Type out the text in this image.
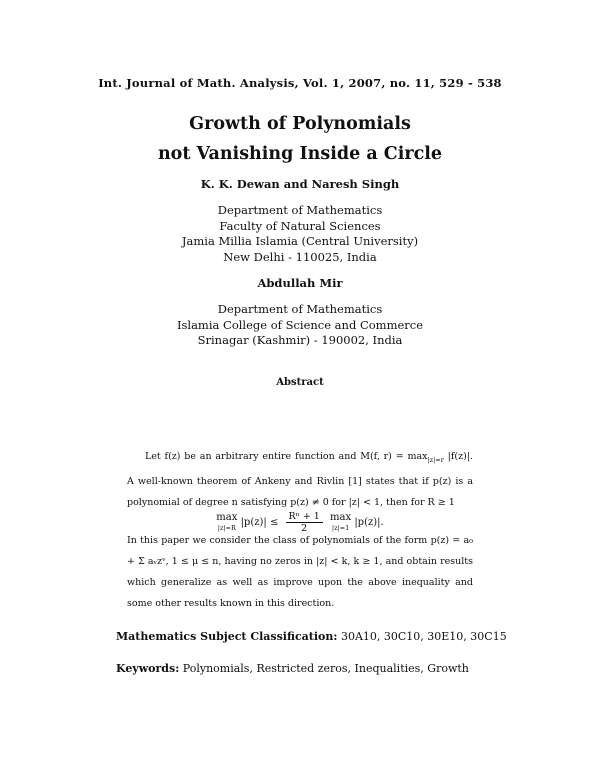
Int. Journal of Math. Analysis, Vol. 1, 2007, no. 11, 529 - 538
Growth of Polynomials
not Vanishing Inside a Circle
K. K. Dewan and Naresh Singh
Department of Mathematics
Faculty of Natural Sciences
Jamia Millia Islamia (Central University)
New Delhi - 110025, India
Abdullah Mir
Department of Mathematics
Islamia College of Science and Commerce
Srinagar (Kashmir) - 190002, India
Abstract
Let f(z) be an arbitrary entire function and M(f, $r) = \max_{|z|=r} |f(z)|$. A well-known theorem of Ankeny and Rivlin [1] states that if p(z) is a polynomial of degree n satisfying p(z) ≠ 0 for |z| < 1, then for R ≥ 1
max
|z|=R $|p(z)| \le \frac{\text{Rⁿ + 1}}{2}$ max
|z|=1 |p(z)|.
In this paper we consider the class of polynomials of the form p(z) = a₀ + Σ aᵥzᵛ, 1 ≤ μ ≤ n, having no zeros in |z| < k, k ≥ 1, and obtain results which generalize as well as improve upon the above inequality and some other results known in this direction.
Mathematics Subject Classification: 30A10, 30C10, 30E10, 30C15
Keywords: Polynomials, Restricted zeros, Inequalities, Growth
